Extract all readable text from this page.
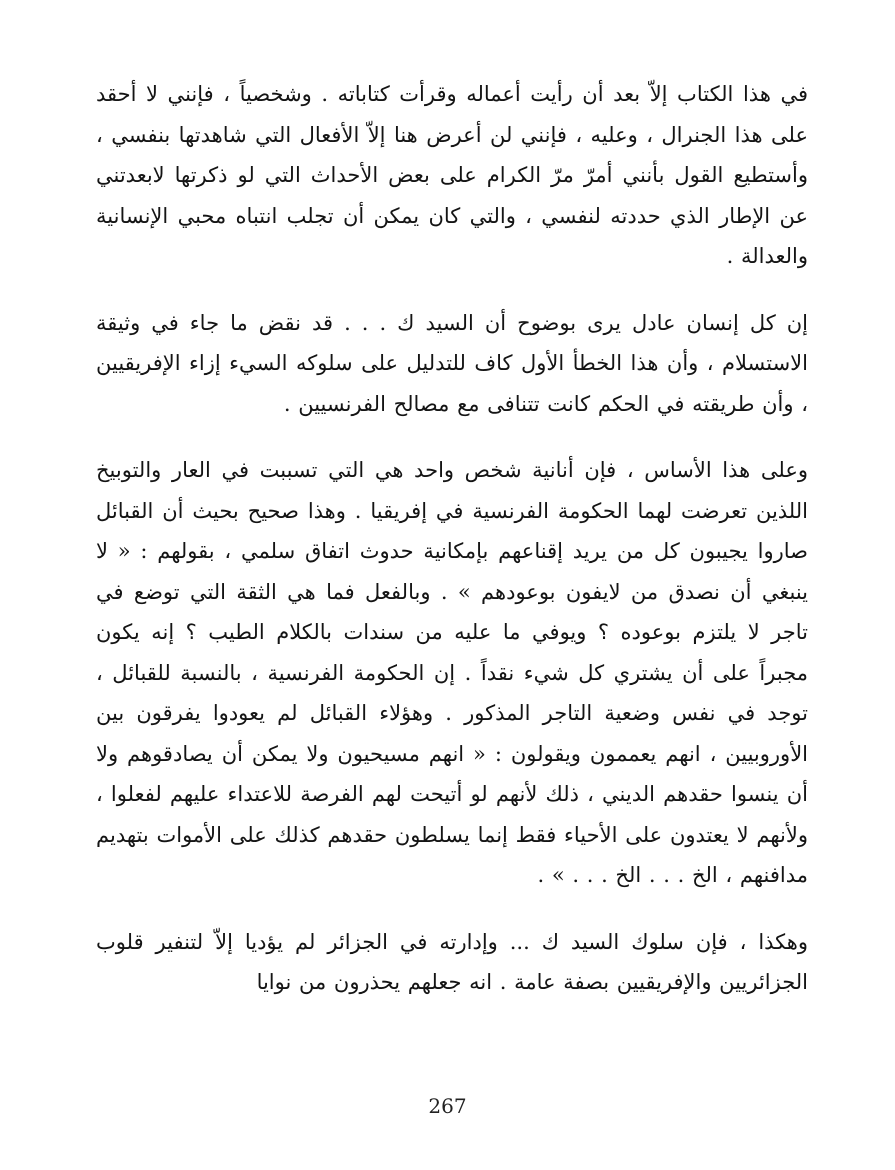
في هذا الكتاب إلاّ بعد أن رأيت أعماله وقرأت كتاباته . وشخصياً ، فإنني لا أحقد على هذا الجنرال ، وعليه ، فإنني لن أعرض هنا إلاّ الأفعال التي شاهدتها بنفسي ، وأستطيع القول بأنني أمرّ مرّ الكرام على بعض الأحداث التي لو ذكرتها لابعدتني عن الإطار الذي حددته لنفسي ، والتي كان يمكن أن تجلب انتباه محبي الإنسانية والعدالة .

إن كل إنسان عادل يرى بوضوح أن السيد ك . . . قد نقض ما جاء في وثيقة الاستسلام ، وأن هذا الخطأ الأول كاف للتدليل على سلوكه السيء إزاء الإفريقيين ، وأن طريقته في الحكم كانت تتنافى مع مصالح الفرنسيين .

وعلى هذا الأساس ، فإن أنانية شخص واحد هي التي تسببت في العار والتوبيخ اللذين تعرضت لهما الحكومة الفرنسية في إفريقيا . وهذا صحيح بحيث أن القبائل صاروا يجيبون كل من يريد إقناعهم بإمكانية حدوث اتفاق سلمي ، بقولهم : « لا ينبغي أن نصدق من لايفون بوعودهم » . وبالفعل فما هي الثقة التي توضع في تاجر لا يلتزم بوعوده ؟ ويوفي ما عليه من سندات بالكلام الطيب ؟ إنه يكون مجبراً على أن يشتري كل شيء نقداً . إن الحكومة الفرنسية ، بالنسبة للقبائل ، توجد في نفس وضعية التاجر المذكور . وهؤلاء القبائل لم يعودوا يفرقون بين الأوروبيين ، انهم يعممون ويقولون : « انهم مسيحيون ولا يمكن أن يصادقوهم ولا أن ينسوا حقدهم الديني ، ذلك لأنهم لو أتيحت لهم الفرصة للاعتداء عليهم لفعلوا ، ولأنهم لا يعتدون على الأحياء فقط إنما يسلطون حقدهم كذلك على الأموات بتهديم مدافنهم ، الخ . . . الخ . . . » .

وهكذا ، فإن سلوك السيد ك ... وإدارته في الجزائر لم يؤديا إلاّ لتنفير قلوب الجزائريين والإفريقيين بصفة عامة . انه جعلهم يحذرون من نوايا

267
